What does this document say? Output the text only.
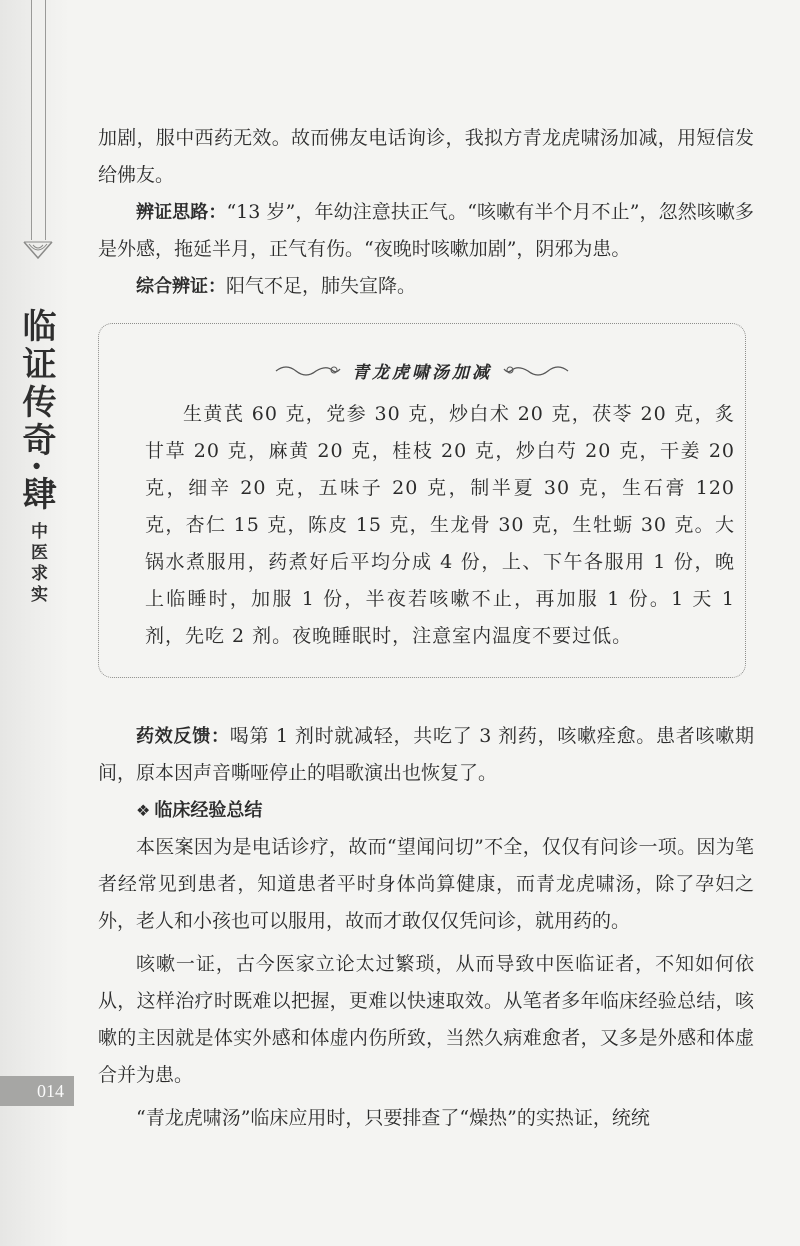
临证传奇·肆
中医求实
014

加剧，服中西药无效。故而佛友电话询诊，我拟方青龙虎啸汤加减，用短信发给佛友。

辨证思路：“13 岁”，年幼注意扶正气。“咳嗽有半个月不止”，忽然咳嗽多是外感，拖延半月，正气有伤。“夜晚时咳嗽加剧”，阴邪为患。

综合辨证：阳气不足，肺失宣降。

青龙虎啸汤加减

生黄芪 60 克，党参 30 克，炒白术 20 克，茯苓 20 克，炙甘草 20 克，麻黄 20 克，桂枝 20 克，炒白芍 20 克，干姜 20 克，细辛 20 克，五味子 20 克，制半夏 30 克，生石膏 120 克，杏仁 15 克，陈皮 15 克，生龙骨 30 克，生牡蛎 30 克。大锅水煮服用，药煮好后平均分成 4 份，上、下午各服用 1 份，晚上临睡时，加服 1 份，半夜若咳嗽不止，再加服 1 份。1 天 1 剂，先吃 2 剂。夜晚睡眠时，注意室内温度不要过低。

药效反馈：喝第 1 剂时就减轻，共吃了 3 剂药，咳嗽痊愈。患者咳嗽期间，原本因声音嘶哑停止的唱歌演出也恢复了。

❖ 临床经验总结

本医案因为是电话诊疗，故而“望闻问切”不全，仅仅有问诊一项。因为笔者经常见到患者，知道患者平时身体尚算健康，而青龙虎啸汤，除了孕妇之外，老人和小孩也可以服用，故而才敢仅仅凭问诊，就用药的。

咳嗽一证，古今医家立论太过繁琐，从而导致中医临证者，不知如何依从，这样治疗时既难以把握，更难以快速取效。从笔者多年临床经验总结，咳嗽的主因就是体实外感和体虚内伤所致，当然久病难愈者，又多是外感和体虚合并为患。

“青龙虎啸汤”临床应用时，只要排查了“燥热”的实热证，统统
